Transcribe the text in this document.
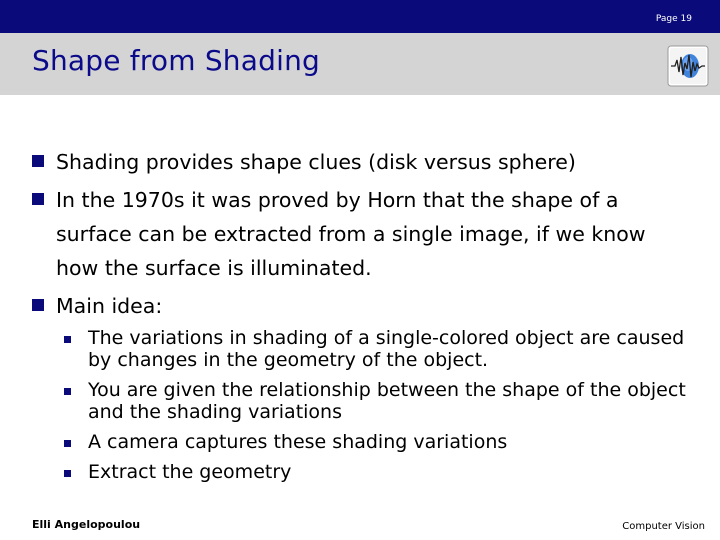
Page 19
Shape from Shading
Shading provides shape clues (disk versus sphere)
In the 1970s it was proved by Horn that the shape of a surface can be extracted from a single image, if we know how the surface is illuminated.
Main idea:
The variations in shading of a single-colored object are caused by changes in the geometry of the object.
You are given the relationship between the shape of the object and the shading variations
A camera captures these shading variations
Extract the geometry
Elli Angelopoulou	Computer Vision
